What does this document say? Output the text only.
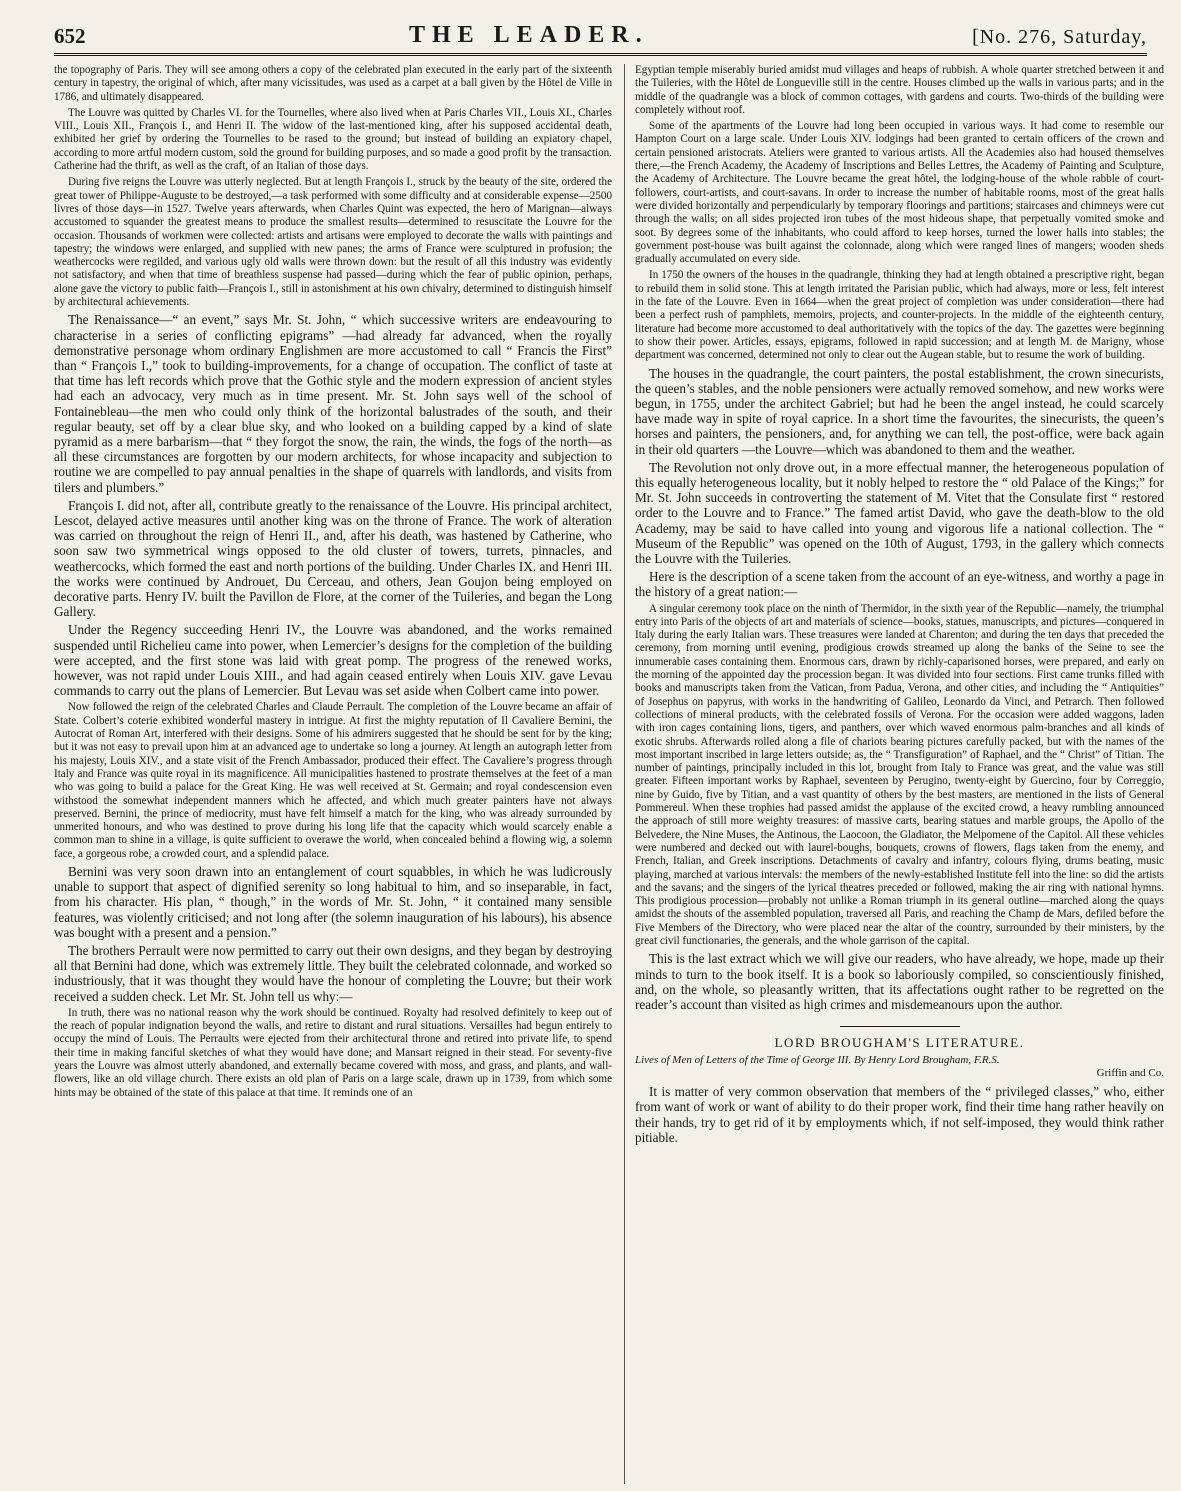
652	THE LEADER.	[No. 276, Saturday,

the topography of Paris. They will see among others a copy of the celebrated plan executed in the early part of the sixteenth century in tapestry, the original of which, after many vicissitudes, was used as a carpet at a ball given by the Hôtel de Ville in 1786, and ultimately disappeared.

The Louvre was quitted by Charles VI. for the Tournelles, where also lived when at Paris Charles VII., Louis XI., Charles VIII., Louis XII., François I., and Henri II. The widow of the last-mentioned king, after his supposed accidental death, exhibited her grief by ordering the Tournelles to be rased to the ground; but instead of building an expiatory chapel, according to more artful modern custom, sold the ground for building purposes, and so made a good profit by the transaction. Catherine had the thrift, as well as the craft, of an Italian of those days.

During five reigns the Louvre was utterly neglected. But at length François I., struck by the beauty of the site, ordered the great tower of Philippe-Auguste to be destroyed,—a task performed with some difficulty and at considerable expense—2500 livres of those days—in 1527. Twelve years afterwards, when Charles Quint was expected, the hero of Marignan—always accustomed to squander the greatest means to produce the smallest results—determined to resuscitate the Louvre for the occasion. Thousands of workmen were collected: artists and artisans were employed to decorate the walls with paintings and tapestry; the windows were enlarged, and supplied with new panes; the arms of France were sculptured in profusion; the weathercocks were regilded, and various ugly old walls were thrown down: but the result of all this industry was evidently not satisfactory, and when that time of breathless suspense had passed—during which the fear of public opinion, perhaps, alone gave the victory to public faith—François I., still in astonishment at his own chivalry, determined to distinguish himself by architectural achievements.

The Renaissance—“ an event,” says Mr. St. John, “ which successive writers are endeavouring to characterise in a series of conflicting epigrams” —had already far advanced, when the royally demonstrative personage whom ordinary Englishmen are more accustomed to call “ Francis the First” than “ François I.,” took to building-improvements, for a change of occupation. The conflict of taste at that time has left records which prove that the Gothic style and the modern expression of ancient styles had each an advocacy, very much as in time present. Mr. St. John says well of the school of Fontainebleau—the men who could only think of the horizontal balustrades of the south, and their regular beauty, set off by a clear blue sky, and who looked on a building capped by a kind of slate pyramid as a mere barbarism—that “ they forgot the snow, the rain, the winds, the fogs of the north—as all these circumstances are forgotten by our modern architects, for whose incapacity and subjection to routine we are compelled to pay annual penalties in the shape of quarrels with landlords, and visits from tilers and plumbers.”

François I. did not, after all, contribute greatly to the renaissance of the Louvre. His principal architect, Lescot, delayed active measures until another king was on the throne of France. The work of alteration was carried on throughout the reign of Henri II., and, after his death, was hastened by Catherine, who soon saw two symmetrical wings opposed to the old cluster of towers, turrets, pinnacles, and weathercocks, which formed the east and north portions of the building. Under Charles IX. and Henri III. the works were continued by Androuet, Du Cerceau, and others, Jean Goujon being employed on decorative parts. Henry IV. built the Pavillon de Flore, at the corner of the Tuileries, and began the Long Gallery.

Under the Regency succeeding Henri IV., the Louvre was abandoned, and the works remained suspended until Richelieu came into power, when Lemercier’s designs for the completion of the building were accepted, and the first stone was laid with great pomp. The progress of the renewed works, however, was not rapid under Louis XIII., and had again ceased entirely when Louis XIV. gave Levau commands to carry out the plans of Lemercier. But Levau was set aside when Colbert came into power.

Now followed the reign of the celebrated Charles and Claude Perrault. The completion of the Louvre became an affair of State. Colbert’s coterie exhibited wonderful mastery in intrigue. At first the mighty reputation of Il Cavaliere Bernini, the Autocrat of Roman Art, interfered with their designs. Some of his admirers suggested that he should be sent for by the king; but it was not easy to prevail upon him at an advanced age to undertake so long a journey. At length an autograph letter from his majesty, Louis XIV., and a state visit of the French Ambassador, produced their effect. The Cavaliere’s progress through Italy and France was quite royal in its magnificence. All municipalities hastened to prostrate themselves at the feet of a man who was going to build a palace for the Great King. He was well received at St. Germain; and royal condescension even withstood the somewhat independent manners which he affected, and which much greater painters have not always preserved. Bernini, the prince of mediocrity, must have felt himself a match for the king, who was already surrounded by unmerited honours, and who was destined to prove during his long life that the capacity which would scarcely enable a common man to shine in a village, is quite sufficient to overawe the world, when concealed behind a flowing wig, a solemn face, a gorgeous robe, a crowded court, and a splendid palace.

Bernini was very soon drawn into an entanglement of court squabbles, in which he was ludicrously unable to support that aspect of dignified serenity so long habitual to him, and so inseparable, in fact, from his character. His plan, “ though,” in the words of Mr. St. John, “ it contained many sensible features, was violently criticised; and not long after (the solemn inauguration of his labours), his absence was bought with a present and a pension.”

The brothers Perrault were now permitted to carry out their own designs, and they began by destroying all that Bernini had done, which was extremely little. They built the celebrated colonnade, and worked so industriously, that it was thought they would have the honour of completing the Louvre; but their work received a sudden check. Let Mr. St. John tell us why:—

In truth, there was no national reason why the work should be continued. Royalty had resolved definitely to keep out of the reach of popular indignation beyond the walls, and retire to distant and rural situations. Versailles had begun entirely to occupy the mind of Louis. The Perraults were ejected from their architectural throne and retired into private life, to spend their time in making fanciful sketches of what they would have done; and Mansart reigned in their stead. For seventy-five years the Louvre was almost utterly abandoned, and externally became covered with moss, and grass, and plants, and wall-flowers, like an old village church. There exists an old plan of Paris on a large scale, drawn up in 1739, from which some hints may be obtained of the state of this palace at that time. It reminds one of an

Egyptian temple miserably buried amidst mud villages and heaps of rubbish. A whole quarter stretched between it and the Tuileries, with the Hôtel de Longueville still in the centre. Houses climbed up the walls in various parts; and in the middle of the quadrangle was a block of common cottages, with gardens and courts. Two-thirds of the building were completely without roof.

Some of the apartments of the Louvre had long been occupied in various ways. It had come to resemble our Hampton Court on a large scale. Under Louis XIV. lodgings had been granted to certain officers of the crown and certain pensioned aristocrats. Ateliers were granted to various artists. All the Academies also had housed themselves there,—the French Academy, the Academy of Inscriptions and Belles Lettres, the Academy of Painting and Sculpture, the Academy of Architecture. The Louvre became the great hôtel, the lodging-house of the whole rabble of court-followers, court-artists, and court-savans. In order to increase the number of habitable rooms, most of the great halls were divided horizontally and perpendicularly by temporary floorings and partitions; staircases and chimneys were cut through the walls; on all sides projected iron tubes of the most hideous shape, that perpetually vomited smoke and soot. By degrees some of the inhabitants, who could afford to keep horses, turned the lower halls into stables; the government post-house was built against the colonnade, along which were ranged lines of mangers; wooden sheds gradually accumulated on every side.

In 1750 the owners of the houses in the quadrangle, thinking they had at length obtained a prescriptive right, began to rebuild them in solid stone. This at length irritated the Parisian public, which had always, more or less, felt interest in the fate of the Louvre. Even in 1664—when the great project of completion was under consideration—there had been a perfect rush of pamphlets, memoirs, projects, and counter-projects. In the middle of the eighteenth century, literature had become more accustomed to deal authoritatively with the topics of the day. The gazettes were beginning to show their power. Articles, essays, epigrams, followed in rapid succession; and at length M. de Marigny, whose department was concerned, determined not only to clear out the Augean stable, but to resume the work of building.

The houses in the quadrangle, the court painters, the postal establishment, the crown sinecurists, the queen’s stables, and the noble pensioners were actually removed somehow, and new works were begun, in 1755, under the architect Gabriel; but had he been the angel instead, he could scarcely have made way in spite of royal caprice. In a short time the favourites, the sinecurists, the queen’s horses and painters, the pensioners, and, for anything we can tell, the post-office, were back again in their old quarters —the Louvre—which was abandoned to them and the weather.

The Revolution not only drove out, in a more effectual manner, the heterogeneous population of this equally heterogeneous locality, but it nobly helped to restore the “ old Palace of the Kings;” for Mr. St. John succeeds in controverting the statement of M. Vitet that the Consulate first “ restored order to the Louvre and to France.” The famed artist David, who gave the death-blow to the old Academy, may be said to have called into young and vigorous life a national collection. The “ Museum of the Republic” was opened on the 10th of August, 1793, in the gallery which connects the Louvre with the Tuileries.

Here is the description of a scene taken from the account of an eye-witness, and worthy a page in the history of a great nation:—

A singular ceremony took place on the ninth of Thermidor, in the sixth year of the Republic—namely, the triumphal entry into Paris of the objects of art and materials of science—books, statues, manuscripts, and pictures—conquered in Italy during the early Italian wars. These treasures were landed at Charenton; and during the ten days that preceded the ceremony, from morning until evening, prodigious crowds streamed up along the banks of the Seine to see the innumerable cases containing them. Enormous cars, drawn by richly-caparisoned horses, were prepared, and early on the morning of the appointed day the procession began. It was divided into four sections. First came trunks filled with books and manuscripts taken from the Vatican, from Padua, Verona, and other cities, and including the “ Antiquities” of Josephus on papyrus, with works in the handwriting of Galileo, Leonardo da Vinci, and Petrarch. Then followed collections of mineral products, with the celebrated fossils of Verona. For the occasion were added waggons, laden with iron cages containing lions, tigers, and panthers, over which waved enormous palm-branches and all kinds of exotic shrubs. Afterwards rolled along a file of chariots bearing pictures carefully packed, but with the names of the most important inscribed in large letters outside; as, the “ Transfiguration” of Raphael, and the “ Christ” of Titian. The number of paintings, principally included in this lot, brought from Italy to France was great, and the value was still greater. Fifteen important works by Raphael, seventeen by Perugino, twenty-eight by Guercino, four by Correggio, nine by Guido, five by Titian, and a vast quantity of others by the best masters, are mentioned in the lists of General Pommereul. When these trophies had passed amidst the applause of the excited crowd, a heavy rumbling announced the approach of still more weighty treasures: of massive carts, bearing statues and marble groups, the Apollo of the Belvedere, the Nine Muses, the Antinous, the Laocoon, the Gladiator, the Melpomene of the Capitol. All these vehicles were numbered and decked out with laurel-boughs, bouquets, crowns of flowers, flags taken from the enemy, and French, Italian, and Greek inscriptions. Detachments of cavalry and infantry, colours flying, drums beating, music playing, marched at various intervals: the members of the newly-established Institute fell into the line: so did the artists and the savans; and the singers of the lyrical theatres preceded or followed, making the air ring with national hymns. This prodigious procession—probably not unlike a Roman triumph in its general outline—marched along the quays amidst the shouts of the assembled population, traversed all Paris, and reaching the Champ de Mars, defiled before the Five Members of the Directory, who were placed near the altar of the country, surrounded by their ministers, by the great civil functionaries, the generals, and the whole garrison of the capital.

This is the last extract which we will give our readers, who have already, we hope, made up their minds to turn to the book itself. It is a book so laboriously compiled, so conscientiously finished, and, on the whole, so pleasantly written, that its affectations ought rather to be regretted on the reader’s account than visited as high crimes and misdemeanours upon the author.

LORD BROUGHAM'S LITERATURE.
Lives of Men of Letters of the Time of George III. By Henry Lord Brougham, F.R.S.
Griffin and Co.

It is matter of very common observation that members of the “ privileged classes,” who, either from want of work or want of ability to do their proper work, find their time hang rather heavily on their hands, try to get rid of it by employments which, if not self-imposed, they would think rather pitiable.
